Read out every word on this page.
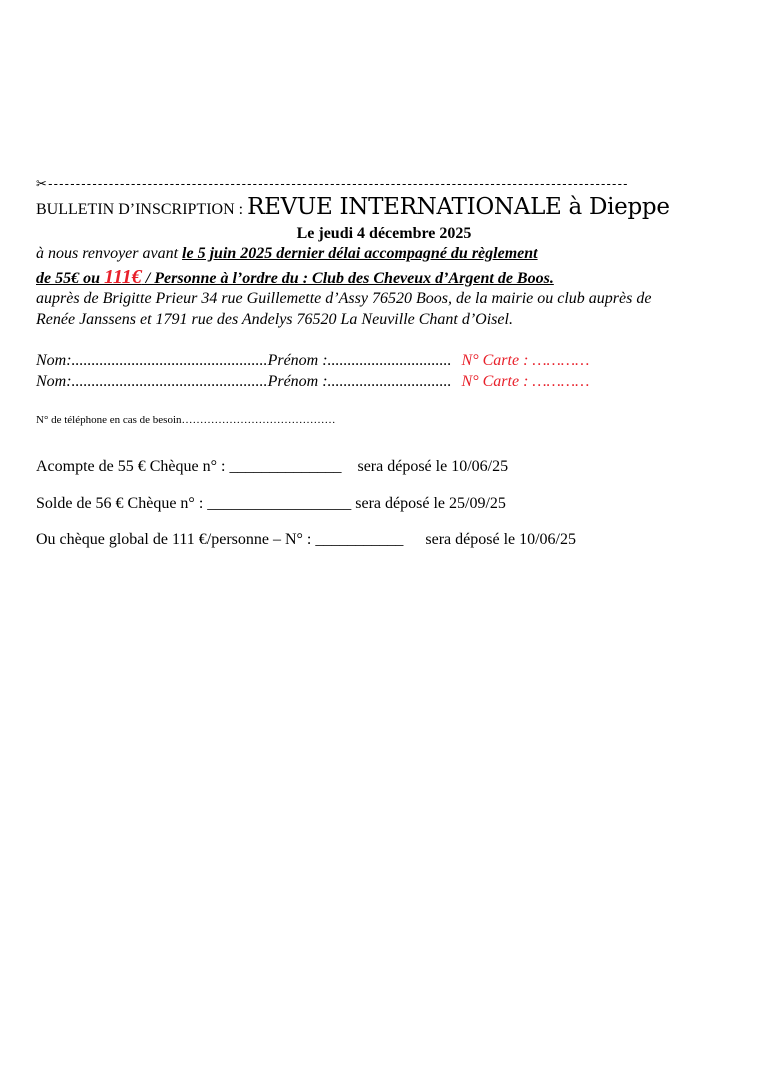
✂---------------------------------------------------------------------------------------------------------
BULLETIN D’INSCRIPTION : REVUE INTERNATIONALE à Dieppe
Le jeudi 4 décembre 2025
à nous renvoyer avant le 5 juin 2025 dernier délai accompagné du règlement
de 55€ ou 111€ / Personne à l’ordre du : Club des Cheveux d’Argent de Boos.
auprès de Brigitte Prieur 34 rue Guillemette d’Assy 76520 Boos, de la mairie ou club auprès de
Renée Janssens et 1791 rue des Andelys 76520 La Neuville Chant d’Oisel.
Nom:.................................................Prénom :............................... N° Carte : …………
Nom:.................................................Prénom :............................... N° Carte : …………
N° de téléphone en cas de besoin……………………………………
Acompte de 55 € Chèque n° : ______________ sera déposé le 10/06/25
Solde de 56 € Chèque n° : __________________ sera déposé le 25/09/25
Ou chèque global de 111 €/personne – N° : ___________ sera déposé le 10/06/25
